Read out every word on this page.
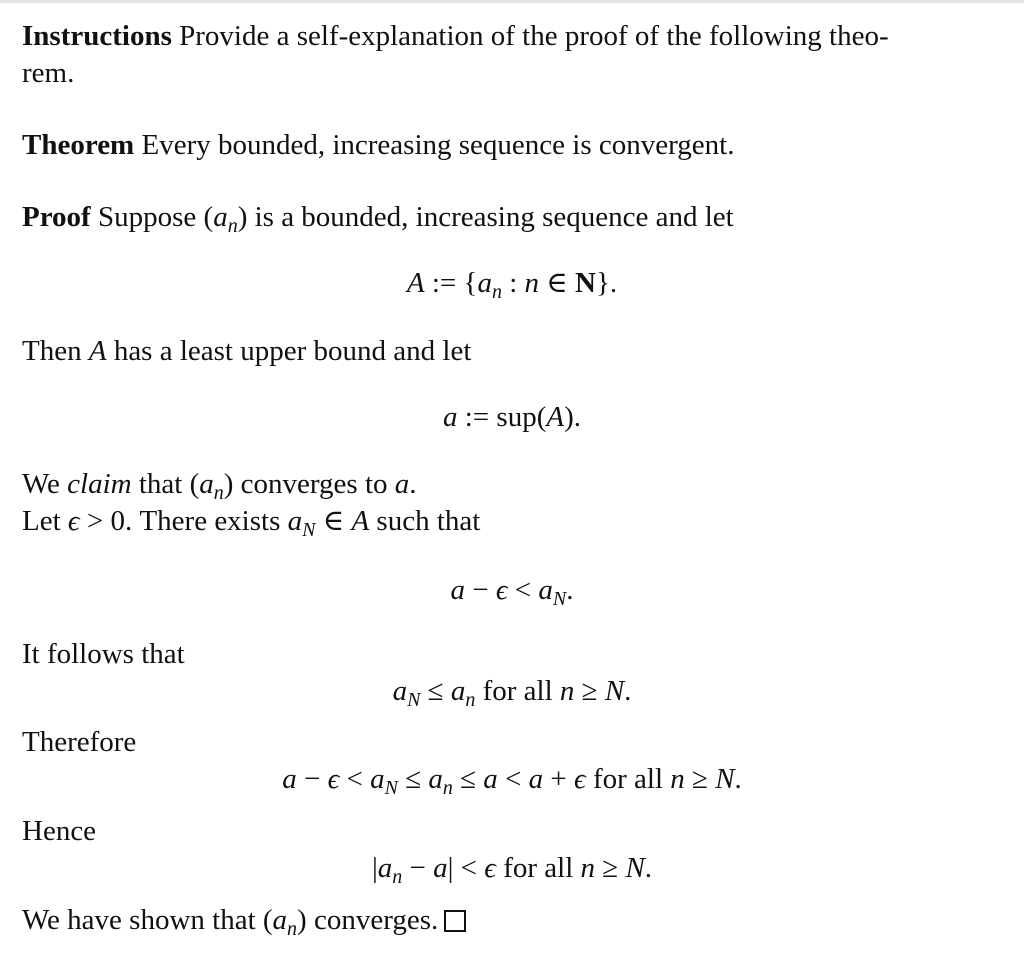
Instructions Provide a self-explanation of the proof of the following theo-
rem.
Theorem Every bounded, increasing sequence is convergent.
Proof Suppose $(a_n)$ is a bounded, increasing sequence and let
A := {$a_n$ : n ∈ N}.
Then A has a least upper bound and let
a := sup(A).
We claim that $(a_n)$ converges to a.
Let ϵ > 0. There exists $a_N$ ∈ A such that
$a - \epsilon < a_N$.
It follows that
$a_N \le a_n$ for all n ≥ N.
Therefore
$a - \epsilon < a_N \le a_n \le a < a + \epsilon$ for all n ≥ N.
Hence
$|a_n - a| < \epsilon$ for all n ≥ N.
We have shown that $(a_n)$ converges.
